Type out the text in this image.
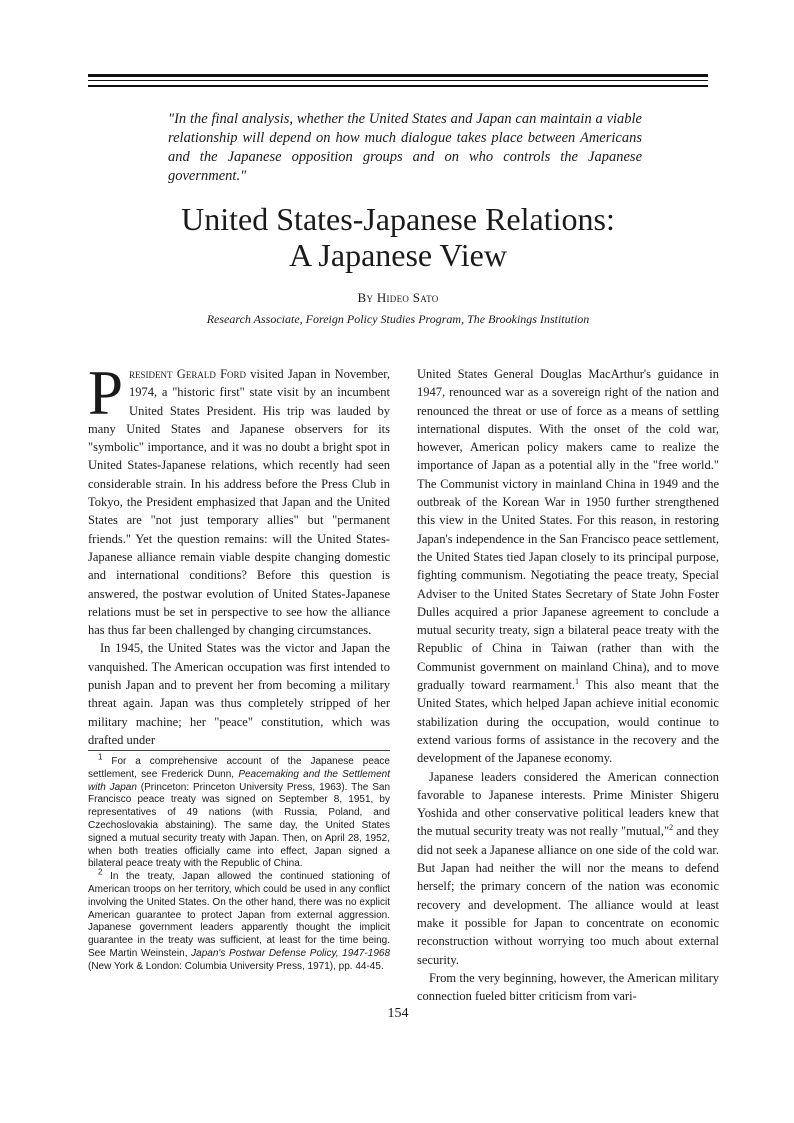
"In the final analysis, whether the United States and Japan can maintain a viable relationship will depend on how much dialogue takes place between Americans and the Japanese opposition groups and on who controls the Japanese government."
United States-Japanese Relations:
A Japanese View
By Hideo Sato
Research Associate, Foreign Policy Studies Program, The Brookings Institution

President Gerald Ford visited Japan in November, 1974, a "historic first" state visit by an incumbent United States President. His trip was lauded by many United States and Japanese observers for its "symbolic" importance, and it was no doubt a bright spot in United States-Japanese relations, which recently had seen considerable strain. In his address before the Press Club in Tokyo, the President emphasized that Japan and the United States are "not just temporary allies" but "permanent friends." Yet the question remains: will the United States-Japanese alliance remain viable despite changing domestic and international conditions? Before this question is answered, the postwar evolution of United States-Japanese relations must be set in perspective to see how the alliance has thus far been challenged by changing circumstances.

In 1945, the United States was the victor and Japan the vanquished. The American occupation was first intended to punish Japan and to prevent her from becoming a military threat again. Japan was thus completely stripped of her military machine; her "peace" constitution, which was drafted under

$^1$ For a comprehensive account of the Japanese peace settlement, see Frederick Dunn, Peacemaking and the Settlement with Japan (Princeton: Princeton University Press, 1963). The San Francisco peace treaty was signed on September 8, 1951, by representatives of 49 nations (with Russia, Poland, and Czechoslovakia abstaining). The same day, the United States signed a mutual security treaty with Japan. Then, on April 28, 1952, when both treaties officially came into effect, Japan signed a bilateral peace treaty with the Republic of China.

$^2$ In the treaty, Japan allowed the continued stationing of American troops on her territory, which could be used in any conflict involving the United States. On the other hand, there was no explicit American guarantee to protect Japan from external aggression. Japanese government leaders apparently thought the implicit guarantee in the treaty was sufficient, at least for the time being. See Martin Weinstein, Japan's Postwar Defense Policy, 1947-1968 (New York & London: Columbia University Press, 1971), pp. 44-45.

United States General Douglas MacArthur's guidance in 1947, renounced war as a sovereign right of the nation and renounced the threat or use of force as a means of settling international disputes. With the onset of the cold war, however, American policy makers came to realize the importance of Japan as a potential ally in the "free world." The Communist victory in mainland China in 1949 and the outbreak of the Korean War in 1950 further strengthened this view in the United States. For this reason, in restoring Japan's independence in the San Francisco peace settlement, the United States tied Japan closely to its principal purpose, fighting communism. Negotiating the peace treaty, Special Adviser to the United States Secretary of State John Foster Dulles acquired a prior Japanese agreement to conclude a mutual security treaty, sign a bilateral peace treaty with the Republic of China in Taiwan (rather than with the Communist government on mainland China), and to move gradually toward rearmament.$^1$ This also meant that the United States, which helped Japan achieve initial economic stabilization during the occupation, would continue to extend various forms of assistance in the recovery and the development of the Japanese economy.

Japanese leaders considered the American connection favorable to Japanese interests. Prime Minister Shigeru Yoshida and other conservative political leaders knew that the mutual security treaty was not really "mutual,"$^2$ and they did not seek a Japanese alliance on one side of the cold war. But Japan had neither the will nor the means to defend herself; the primary concern of the nation was economic recovery and development. The alliance would at least make it possible for Japan to concentrate on economic reconstruction without worrying too much about external security.

From the very beginning, however, the American military connection fueled bitter criticism from vari-

154
